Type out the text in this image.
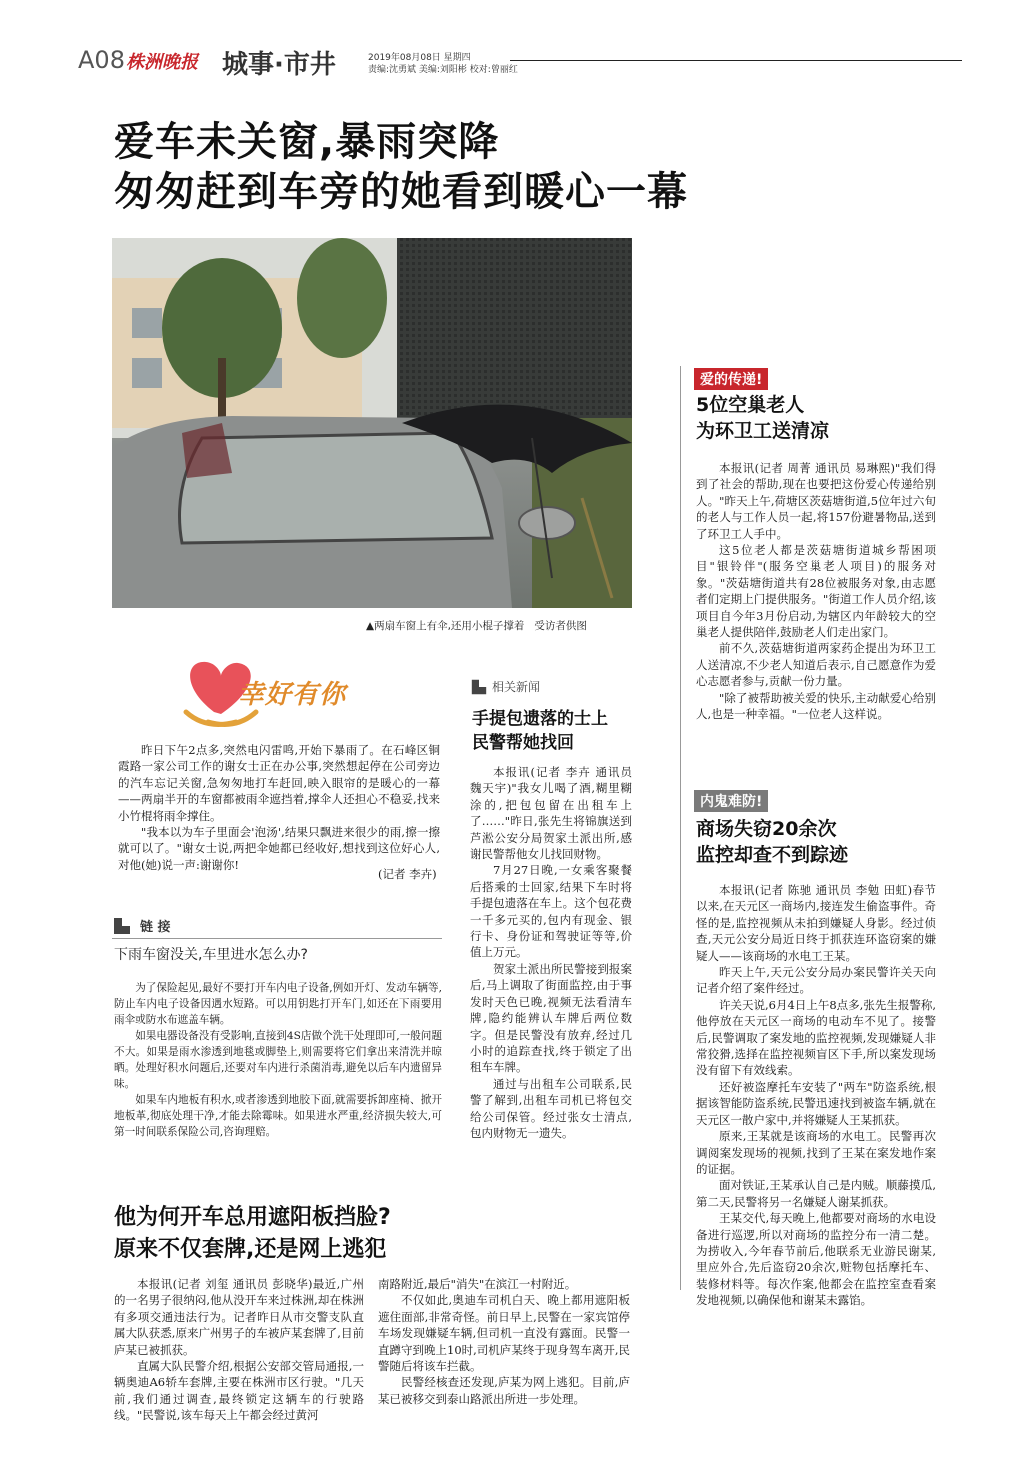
A08 株洲晚报 城事·市井	2019年08月08日 星期四
责编:沈勇斌 美编:刘阳彬 校对:曾丽红
爱车未关窗,暴雨突降
匆匆赶到车旁的她看到暖心一幕
▲两扇车窗上有伞,还用小棍子撑着   受访者供图
幸好有你

昨日下午2点多,突然电闪雷鸣,开始下暴雨了。在石峰区铜霞路一家公司工作的谢女士正在办公事,突然想起停在公司旁边的汽车忘记关窗,急匆匆地打车赶回,映入眼帘的是暖心的一幕——两扇半开的车窗都被雨伞遮挡着,撑伞人还担心不稳妥,找来小竹棍将雨伞撑住。

"我本以为车子里面会'泡汤',结果只飘进来很少的雨,擦一擦就可以了。"谢女士说,两把伞她都已经收好,想找到这位好心人,对他(她)说一声:谢谢你!

(记者 李卉)
链 接
下雨车窗没关,车里进水怎么办?

为了保险起见,最好不要打开车内电子设备,例如开灯、发动车辆等,防止车内电子设备因遇水短路。可以用钥匙打开车门,如还在下雨要用雨伞或防水布遮盖车辆。

如果电器设备没有受影响,直接到4S店做个洗干处理即可,一般问题不大。如果是雨水渗透到地毯或脚垫上,则需要将它们拿出来清洗并晾晒。处理好积水问题后,还要对车内进行杀菌消毒,避免以后车内遗留异味。

如果车内地板有积水,或者渗透到地胶下面,就需要拆卸座椅、掀开地板革,彻底处理干净,才能去除霉味。如果进水严重,经济损失较大,可第一时间联系保险公司,咨询理赔。

相关新闻
手提包遗落的士上
民警帮她找回

本报讯(记者 李卉 通讯员 魏天宇)"我女儿喝了酒,糊里糊涂的,把包包留在出租车上了……"昨日,张先生将锦旗送到芦淞公安分局贺家土派出所,感谢民警帮他女儿找回财物。

7月27日晚,一女乘客聚餐后搭乘的士回家,结果下车时将手提包遗落在车上。这个包花费一千多元买的,包内有现金、银行卡、身份证和驾驶证等等,价值上万元。

贺家土派出所民警接到报案后,马上调取了街面监控,由于事发时天色已晚,视频无法看清车牌,隐约能辨认车牌后两位数字。但是民警没有放弃,经过几小时的追踪查找,终于锁定了出租车车牌。

通过与出租车公司联系,民警了解到,出租车司机已将包交给公司保管。经过张女士清点,包内财物无一遗失。

爱的传递!
5位空巢老人
为环卫工送清凉

本报讯(记者 周菁 通讯员 易琳熙)"我们得到了社会的帮助,现在也要把这份爱心传递给别人。"昨天上午,荷塘区茨菇塘街道,5位年过六旬的老人与工作人员一起,将157份避暑物品,送到了环卫工人手中。

这5位老人都是茨菇塘街道城乡帮困项目"银铃伴"(服务空巢老人项目)的服务对象。"茨菇塘街道共有28位被服务对象,由志愿者们定期上门提供服务。"街道工作人员介绍,该项目自今年3月份启动,为辖区内年龄较大的空巢老人提供陪伴,鼓励老人们走出家门。

前不久,茨菇塘街道两家药企提出为环卫工人送清凉,不少老人知道后表示,自己愿意作为爱心志愿者参与,贡献一份力量。

"除了被帮助被关爱的快乐,主动献爱心给别人,也是一种幸福。"一位老人这样说。

内鬼难防!
商场失窃20余次
监控却查不到踪迹

本报讯(记者 陈驰 通讯员 李勉 田虹)春节以来,在天元区一商场内,接连发生偷盗事件。奇怪的是,监控视频从未拍到嫌疑人身影。经过侦查,天元公安分局近日终于抓获连环盗窃案的嫌疑人——该商场的水电工王某。

昨天上午,天元公安分局办案民警许关天向记者介绍了案件经过。

许关天说,6月4日上午8点多,张先生报警称,他停放在天元区一商场的电动车不见了。接警后,民警调取了案发地的监控视频,发现嫌疑人非常狡猾,选择在监控视频盲区下手,所以案发现场没有留下有效线索。

还好被盗摩托车安装了"两车"防盗系统,根据该智能防盗系统,民警迅速找到被盗车辆,就在天元区一散户家中,并将嫌疑人王某抓获。

原来,王某就是该商场的水电工。民警再次调阅案发现场的视频,找到了王某在案发地作案的证据。

面对铁证,王某承认自己是内贼。顺藤摸瓜,第二天,民警将另一名嫌疑人谢某抓获。

王某交代,每天晚上,他都要对商场的水电设备进行巡逻,所以对商场的监控分布一清二楚。为捞收入,今年春节前后,他联系无业游民谢某,里应外合,先后盗窃20余次,赃物包括摩托车、装修材料等。每次作案,他都会在监控室查看案发地视频,以确保他和谢某未露馅。

他为何开车总用遮阳板挡脸?
原来不仅套牌,还是网上逃犯

本报讯(记者 刘玺 通讯员 彭晓华)最近,广州的一名男子很纳闷,他从没开车来过株洲,却在株洲有多项交通违法行为。记者昨日从市交警支队直属大队获悉,原来广州男子的车被庐某套牌了,目前庐某已被抓获。

直属大队民警介绍,根据公安部交管局通报,一辆奥迪A6轿车套牌,主要在株洲市区行驶。"几天前,我们通过调查,最终锁定这辆车的行驶路线。"民警说,该车每天上午都会经过黄河

南路附近,最后"消失"在滨江一村附近。

不仅如此,奥迪车司机白天、晚上都用遮阳板遮住面部,非常奇怪。前日早上,民警在一家宾馆停车场发现嫌疑车辆,但司机一直没有露面。民警一直蹲守到晚上10时,司机庐某终于现身驾车离开,民警随后将该车拦截。

民警经核查还发现,庐某为网上逃犯。目前,庐某已被移交到泰山路派出所进一步处理。
